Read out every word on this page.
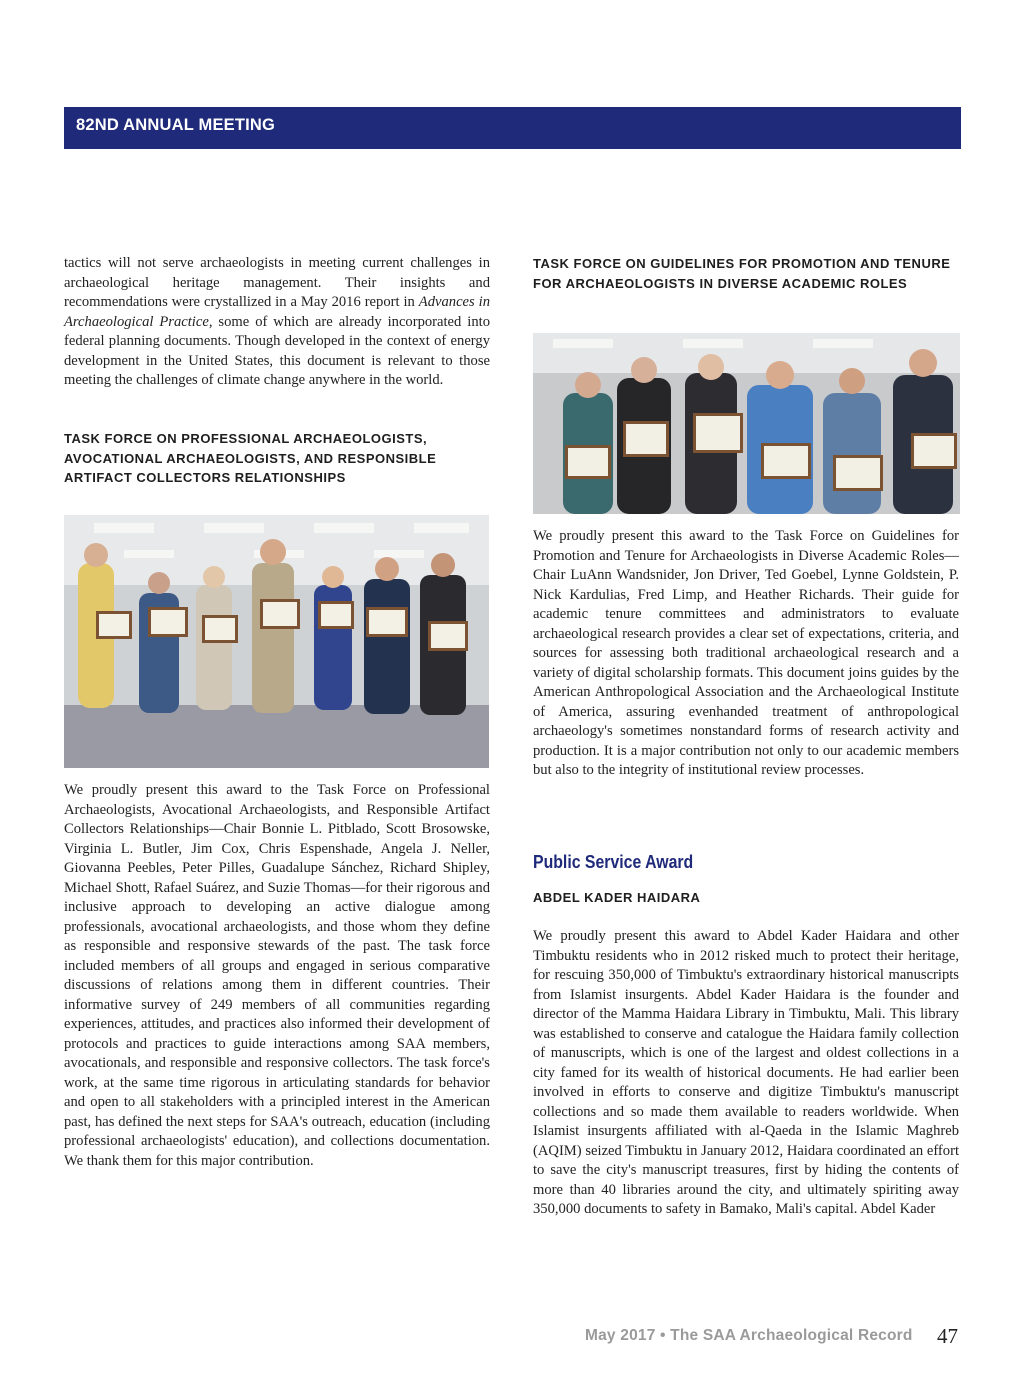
82ND ANNUAL MEETING

tactics will not serve archaeologists in meeting current challenges in archaeological heritage management. Their insights and recommendations were crystallized in a May 2016 report in Advances in Archaeological Practice, some of which are already incorporated into federal planning documents. Though developed in the context of energy development in the United States, this document is relevant to those meeting the challenges of climate change anywhere in the world.

TASK FORCE ON PROFESSIONAL ARCHAEOLOGISTS, AVOCATIONAL ARCHAEOLOGISTS, AND RESPONSIBLE ARTIFACT COLLECTORS RELATIONSHIPS

We proudly present this award to the Task Force on Professional Archaeologists, Avocational Archaeologists, and Responsible Artifact Collectors Relationships—Chair Bonnie L. Pitblado, Scott Brosowske, Virginia L. Butler, Jim Cox, Chris Espenshade, Angela J. Neller, Giovanna Peebles, Peter Pilles, Guadalupe Sánchez, Richard Shipley, Michael Shott, Rafael Suárez, and Suzie Thomas—for their rigorous and inclusive approach to developing an active dialogue among professionals, avocational archaeologists, and those whom they define as responsible and responsive stewards of the past. The task force included members of all groups and engaged in serious comparative discussions of relations among them in different countries. Their informative survey of 249 members of all communities regarding experiences, attitudes, and practices also informed their development of protocols and practices to guide interactions among SAA members, avocationals, and responsible and responsive collectors. The task force's work, at the same time rigorous in articulating standards for behavior and open to all stakeholders with a principled interest in the American past, has defined the next steps for SAA's outreach, education (including professional archaeologists' education), and collections documentation. We thank them for this major contribution.

TASK FORCE ON GUIDELINES FOR PROMOTION AND TENURE FOR ARCHAEOLOGISTS IN DIVERSE ACADEMIC ROLES

We proudly present this award to the Task Force on Guidelines for Promotion and Tenure for Archaeologists in Diverse Academic Roles—Chair LuAnn Wandsnider, Jon Driver, Ted Goebel, Lynne Goldstein, P. Nick Kardulias, Fred Limp, and Heather Richards. Their guide for academic tenure committees and administrators to evaluate archaeological research provides a clear set of expectations, criteria, and sources for assessing both traditional archaeological research and a variety of digital scholarship formats. This document joins guides by the American Anthropological Association and the Archaeological Institute of America, assuring evenhanded treatment of anthropological archaeology's sometimes nonstandard forms of research activity and production. It is a major contribution not only to our academic members but also to the integrity of institutional review processes.

Public Service Award
ABDEL KADER HAIDARA

We proudly present this award to Abdel Kader Haidara and other Timbuktu residents who in 2012 risked much to protect their heritage, for rescuing 350,000 of Timbuktu's extraordinary historical manuscripts from Islamist insurgents. Abdel Kader Haidara is the founder and director of the Mamma Haidara Library in Timbuktu, Mali. This library was established to conserve and catalogue the Haidara family collection of manuscripts, which is one of the largest and oldest collections in a city famed for its wealth of historical documents. He had earlier been involved in efforts to conserve and digitize Timbuktu's manuscript collections and so made them available to readers worldwide. When Islamist insurgents affiliated with al-Qaeda in the Islamic Maghreb (AQIM) seized Timbuktu in January 2012, Haidara coordinated an effort to save the city's manuscript treasures, first by hiding the contents of more than 40 libraries around the city, and ultimately spiriting away 350,000 documents to safety in Bamako, Mali's capital. Abdel Kader

May 2017 • The SAA Archaeological Record 47
